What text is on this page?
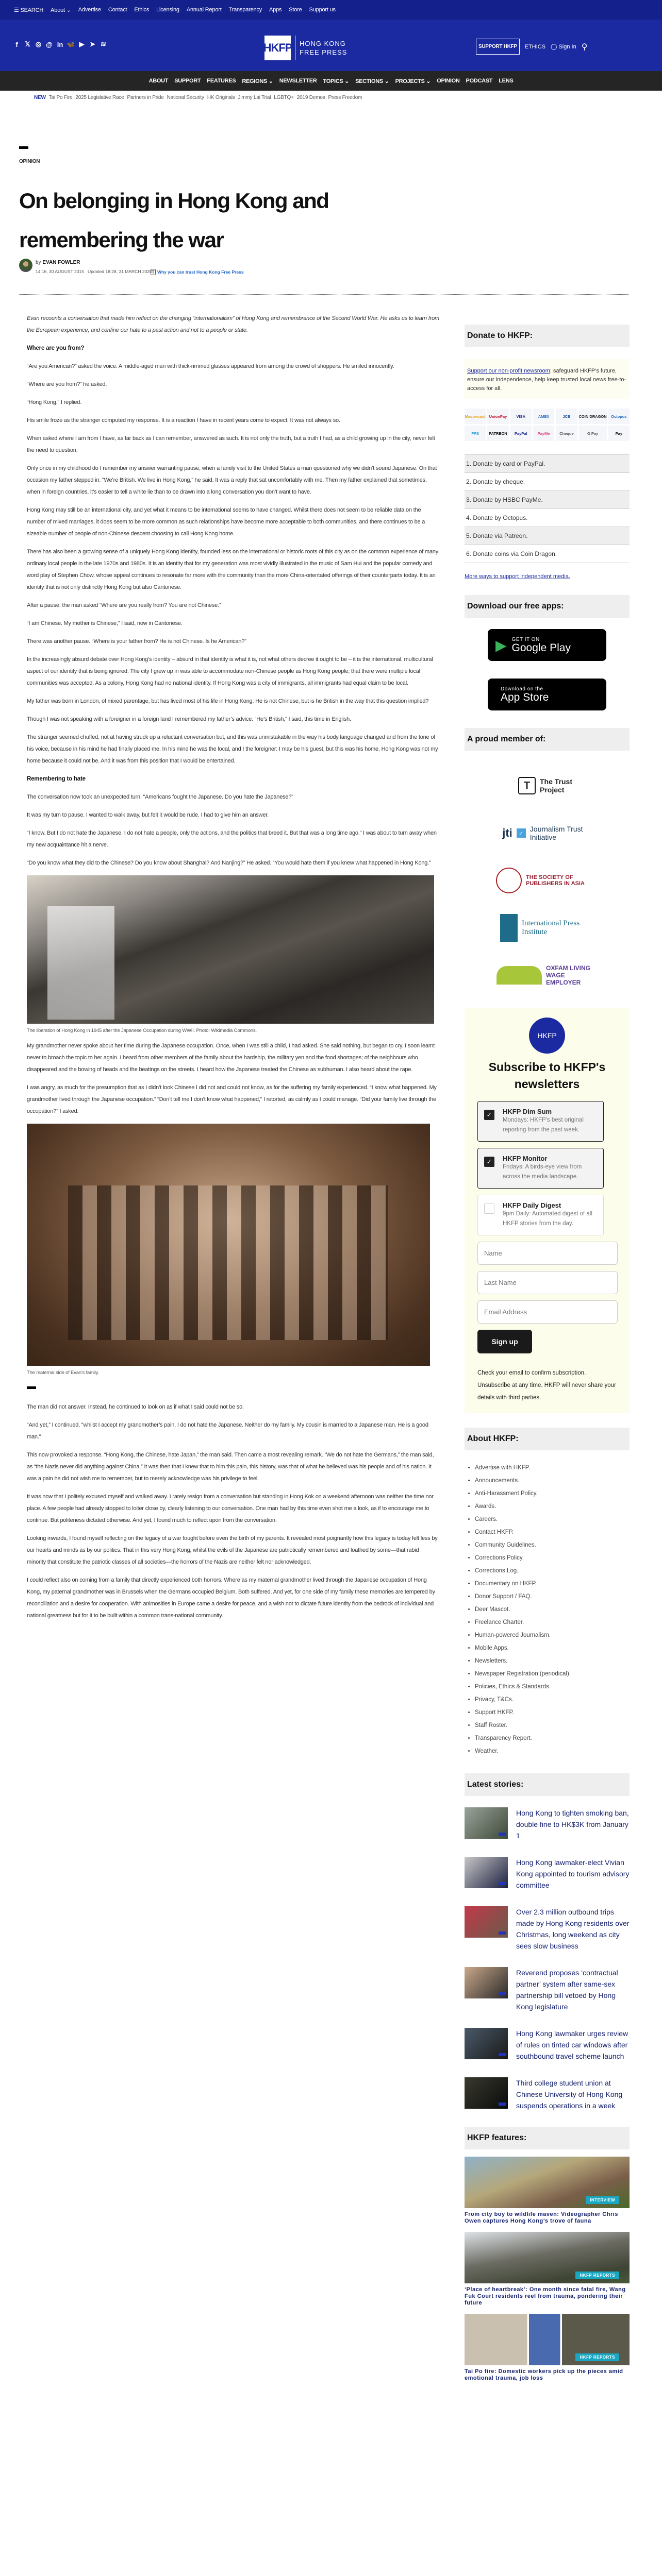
☰ SEARCH About ⌄ Advertise Contact Ethics Licensing Annual Report Transparency Apps Store Support us
f	𝕏 ◎ @ in 🦋 ▶ ➤ ≋	HKFP HONG KONG
FREE PRESS
SUPPORT HKFP	ETHICS ◯ Sign In ⚲
ABOUT SUPPORT FEATURES REGIONS ⌄ NEWSLETTER TOPICS ⌄ SECTIONS ⌄ PROJECTS ⌄ OPINION PODCAST LENS
NEW Tai Po Fire 2025 Legislative Race Partners in Pride National Security HK Originals Jimmy Lai Trial LGBTQ+ 2019 Demos Press Freedom
OPINION
On belonging in Hong Kong and remembering the war
by EVAN FOWLER
14:16, 30 AUGUST 2015 Updated 18:28, 31 MARCH 2020 T Why you can trust Hong Kong Free Press

Evan recounts a conversation that made him reflect on the changing “internationalism” of Hong Kong and remembrance of the Second World War. He asks us to learn from the European experience, and confine our hate to a past action and not to a people or state.

Where are you from?

“Are you American?” asked the voice. A middle-aged man with thick-rimmed glasses appeared from among the crowd of shoppers. He smiled innocently.

“Where are you from?” he asked.

“Hong Kong,” I replied.

His smile froze as the stranger computed my response. It is a reaction I have in recent years come to expect. It was not always so.

When asked where I am from I have, as far back as I can remember, answered as such. It is not only the truth, but a truth I had, as a child growing up in the city, never felt the need to question.

Only once in my childhood do I remember my answer warranting pause, when a family visit to the United States a man questioned why we didn’t sound Japanese. On that occasion my father stepped in: “We’re British. We live in Hong Kong,” he said. It was a reply that sat uncomfortably with me. Then my father explained that sometimes, when in foreign countries, it’s easier to tell a white lie than to be drawn into a long conversation you don’t want to have.

Hong Kong may still be an international city, and yet what it means to be international seems to have changed. Whilst there does not seem to be reliable data on the number of mixed marriages, it does seem to be more common as such relationships have become more acceptable to both communities, and there continues to be a sizeable number of people of non-Chinese descent choosing to call Hong Kong home.

There has also been a growing sense of a uniquely Hong Kong identity, founded less on the international or historic roots of this city as on the common experience of many ordinary local people in the late 1970s and 1980s. It is an identity that for my generation was most vividly illustrated in the music of Sam Hui and the popular comedy and word play of Stephen Chow, whose appeal continues to resonate far more with the community than the more China-orientated offerings of their counterparts today. It is an identity that is not only distinctly Hong Kong but also Cantonese.

After a pause, the man asked “Where are you really from? You are not Chinese.”

“I am Chinese. My mother is Chinese,” I said, now in Cantonese.

There was another pause. “Where is your father from? He is not Chinese. Is he American?”

In the increasingly absurd debate over Hong Kong’s identity – absurd in that identity is what it is, not what others decree it ought to be – it is the international, multicultural aspect of our identity that is being ignored. The city I grew up in was able to accommodate non-Chinese people as Hong Kong people; that there were multiple local communities was accepted. As a colony, Hong Kong had no national identity. If Hong Kong was a city of immigrants, all immigrants had equal claim to be local.

My father was born in London, of mixed parentage, but has lived most of his life in Hong Kong. He is not Chinese, but is he British in the way that this question implied?

Though I was not speaking with a foreigner in a foreign land I remembered my father’s advice. “He’s British,” I said, this time in English.

The stranger seemed chuffed, not at having struck up a reluctant conversation but, and this was unmistakable in the way his body language changed and from the tone of his voice, because in his mind he had finally placed me. In his mind he was the local, and I the foreigner: I may be his guest, but this was his home. Hong Kong was not my home because it could not be. And it was from this position that I would be entertained.

Remembering to hate

The conversation now took an unexpected turn. “Americans fought the Japanese. Do you hate the Japanese?”

It was my turn to pause. I wanted to walk away, but felt it would be rude. I had to give him an answer.

“I know. But I do not hate the Japanese. I do not hate a people, only the actions, and the politics that breed it. But that was a long time ago.” I was about to turn away when my new acquaintance hit a nerve.

“Do you know what they did to the Chinese? Do you know about Shanghai? And Nanjing?” He asked. “You would hate them if you knew what happened in Hong Kong.”

The liberation of Hong Kong in 1945 after the Japanese Occupation during WWII. Photo: Wikimedia Commons.

My grandmother never spoke about her time during the Japanese occupation. Once, when I was still a child, I had asked. She said nothing, but began to cry. I soon learnt never to broach the topic to her again. I heard from other members of the family about the hardship, the military yen and the food shortages; of the neighbours who disappeared and the bowing of heads and the beatings on the streets. I heard how the Japanese treated the Chinese as subhuman. I also heard about the rape.

I was angry, as much for the presumption that as I didn’t look Chinese I did not and could not know, as for the suffering my family experienced. “I know what happened. My grandmother lived through the Japanese occupation.” “Don’t tell me I don’t know what happened,” I retorted, as calmly as I could manage. “Did your family live through the occupation?” I asked.

The maternal side of Evan’s family.

The man did not answer. Instead, he continued to look on as if what I said could not be so.

“And yet,” I continued, “whilst I accept my grandmother’s pain, I do not hate the Japanese. Neither do my family. My cousin is married to a Japanese man. He is a good man.”

This now provoked a response. “Hong Kong, the Chinese, hate Japan,” the man said. Then came a most revealing remark. “We do not hate the Germans,” the man said, as “the Nazis never did anything against China.” It was then that I knew that to him this pain, this history, was that of what he believed was his people and of his nation. It was a pain he did not wish me to remember, but to merely acknowledge was his privilege to feel.

It was now that I politely excused myself and walked away. I rarely resign from a conversation but standing in Hong Kok on a weekend afternoon was neither the time nor place. A few people had already stopped to loiter close by, clearly listening to our conversation. One man had by this time even shot me a look, as if to encourage me to continue. But politeness dictated otherwise. And yet, I found much to reflect upon from the conversation.

Looking inwards, I found myself reflecting on the legacy of a war fought before even the birth of my parents. It revealed most poignantly how this legacy is today felt less by our hearts and minds as by our politics. That in this very Hong Kong, whilst the evils of the Japanese are patriotically remembered and loathed by some—that rabid minority that constitute the patriotic classes of all societies—the horrors of the Nazis are neither felt nor acknowledged.

I could reflect also on coming from a family that directly experienced both horrors. Where as my maternal grandmother lived through the Japanese occupation of Hong Kong, my paternal grandmother was in Brussels when the Germans occupied Belgium. Both suffered. And yet, for one side of my family these memories are tempered by reconciliation and a desire for cooperation. With animosities in Europe came a desire for peace, and a wish not to dictate future identity from the bedrock of individual and national greatness but for it to be built within a common trans-national community.

Donate to HKFP:
Support our non-profit newsroom: safeguard HKFP's future, ensure our independence, help keep trusted local news free-to-access for all.
Mastercard UnionPay	VISA	AMEX	JCB	COIN DRAGON	Octopus
FPS	PATREON	PayPal	PayMe	Cheque	G Pay	Pay
1. Donate by card or PayPal.
2. Donate by cheque.
3. Donate by HSBC PayMe.
4. Donate by Octopus.
5. Donate via Patreon.
6. Donate coins via Coin Dragon.
More ways to support independent media.
Download our free apps:
▶ GET IT ON
Google Play
Download on the
App Store
A proud member of:
T	The Trust Project
jti	✓
Journalism Trust Initiative
THE SOCIETY OF PUBLISHERS IN ASIA
International Press Institute
OXFAM LIVING WAGE EMPLOYER
HKFP
Subscribe to HKFP's newsletters
✓	HKFP Dim Sum
Mondays: HKFP's best original reporting from the past week.
✓	HKFP Monitor
Fridays: A birds-eye view from across the media landscape.
HKFP Daily Digest
9pm Daily: Automated digest of all HKFP stories from the day.
Name
Last Name
Email Address
Sign up
Check your email to confirm subscription. Unsubscribe at any time. HKFP will never share your details with third parties.
About HKFP:
• Advertise with HKFP.
• Announcements.
• Anti-Harassment Policy.
• Awards.
• Careers.
• Contact HKFP.
• Community Guidelines.
• Corrections Policy.
• Corrections Log.
• Documentary on HKFP.
• Donor Support / FAQ.
• Deer Mascot.
• Freelance Charter.
• Human-powered Journalism.
• Mobile Apps.
• Newsletters.
• Newspaper Registration (periodical).
• Policies, Ethics & Standards.
• Privacy, T&Cs.
• Support HKFP.
• Staff Roster.
• Transparency Report.
• Weather.
Latest stories:
Hong Kong to tighten smoking ban, double fine to HK$3K from January 1
Hong Kong lawmaker-elect Vivian Kong appointed to tourism advisory committee
Over 2.3 million outbound trips made by Hong Kong residents over Christmas, long weekend as city sees slow business
Reverend proposes ‘contractual partner’ system after same-sex partnership bill vetoed by Hong Kong legislature
Hong Kong lawmaker urges review of rules on tinted car windows after southbound travel scheme launch
Third college student union at Chinese University of Hong Kong suspends operations in a week
HKFP features:
INTERVIEW
From city boy to wildlife maven: Videographer Chris Owen captures Hong Kong’s trove of fauna
HKFP REPORTS
‘Place of heartbreak’: One month since fatal fire, Wang Fuk Court residents reel from trauma, pondering their future
HKFP REPORTS
Tai Po fire: Domestic workers pick up the pieces amid emotional trauma, job loss
